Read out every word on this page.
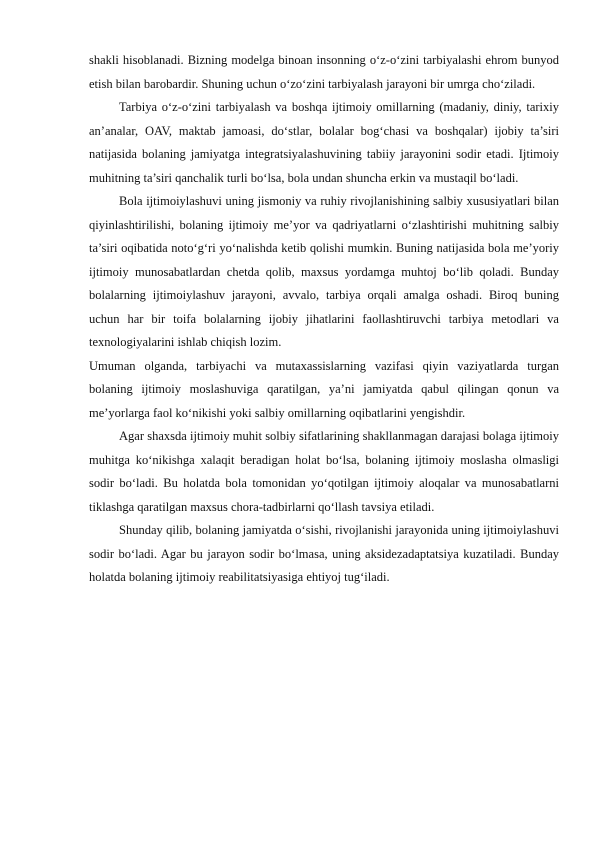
shakli hisoblanadi. Bizning modelga binoan insonning o‘z-o‘zini tarbiyalashi ehrom bunyod etish bilan barobardir. Shuning uchun o‘zo‘zini tarbiyalash jarayoni bir umrga cho‘ziladi.

Tarbiya o‘z-o‘zini tarbiyalash va boshqa ijtimoiy omillarning (madaniy, diniy, tarixiy an’analar, OAV, maktab jamoasi, do‘stlar, bolalar bog‘chasi va boshqalar) ijobiy ta’siri natijasida bolaning jamiyatga integratsiyalashuvining tabiiy jarayonini sodir etadi. Ijtimoiy muhitning ta’siri qanchalik turli bo‘lsa, bola undan shuncha erkin va mustaqil bo‘ladi.

Bola ijtimoiylashuvi uning jismoniy va ruhiy rivojlanishining salbiy xususiyatlari bilan qiyinlashtirilishi, bolaning ijtimoiy me’yor va qadriyatlarni o‘zlashtirishi muhitning salbiy ta’siri oqibatida noto‘g‘ri yo‘nalishda ketib qolishi mumkin. Buning natijasida bola me’yoriy ijtimoiy munosabatlardan chetda qolib, maxsus yordamga muhtoj bo‘lib qoladi. Bunday bolalarning ijtimoiylashuv jarayoni, avvalo, tarbiya orqali amalga oshadi. Biroq buning uchun har bir toifa bolalarning ijobiy jihatlarini faollashtiruvchi tarbiya metodlari va texnologiyalarini ishlab chiqish lozim.

Umuman olganda, tarbiyachi va mutaxassislarning vazifasi qiyin vaziyatlarda turgan bolaning ijtimoiy moslashuviga qaratilgan, ya’ni jamiyatda qabul qilingan qonun va me’yorlarga faol ko‘nikishi yoki salbiy omillarning oqibatlarini yengishdir.

Agar shaxsda ijtimoiy muhit solbiy sifatlarining shakllanmagan darajasi bolaga ijtimoiy muhitga ko‘nikishga xalaqit beradigan holat bo‘lsa, bolaning ijtimoiy moslasha olmasligi sodir bo‘ladi. Bu holatda bola tomonidan yo‘qotilgan ijtimoiy aloqalar va munosabatlarni tiklashga qaratilgan maxsus chora-tadbirlarni qo‘llash tavsiya etiladi.

Shunday qilib, bolaning jamiyatda o‘sishi, rivojlanishi jarayonida uning ijtimoiylashuvi sodir bo‘ladi. Agar bu jarayon sodir bo‘lmasa, uning aksidezadaptatsiya kuzatiladi. Bunday holatda bolaning ijtimoiy reabilitatsiyasiga ehtiyoj tug‘iladi.
